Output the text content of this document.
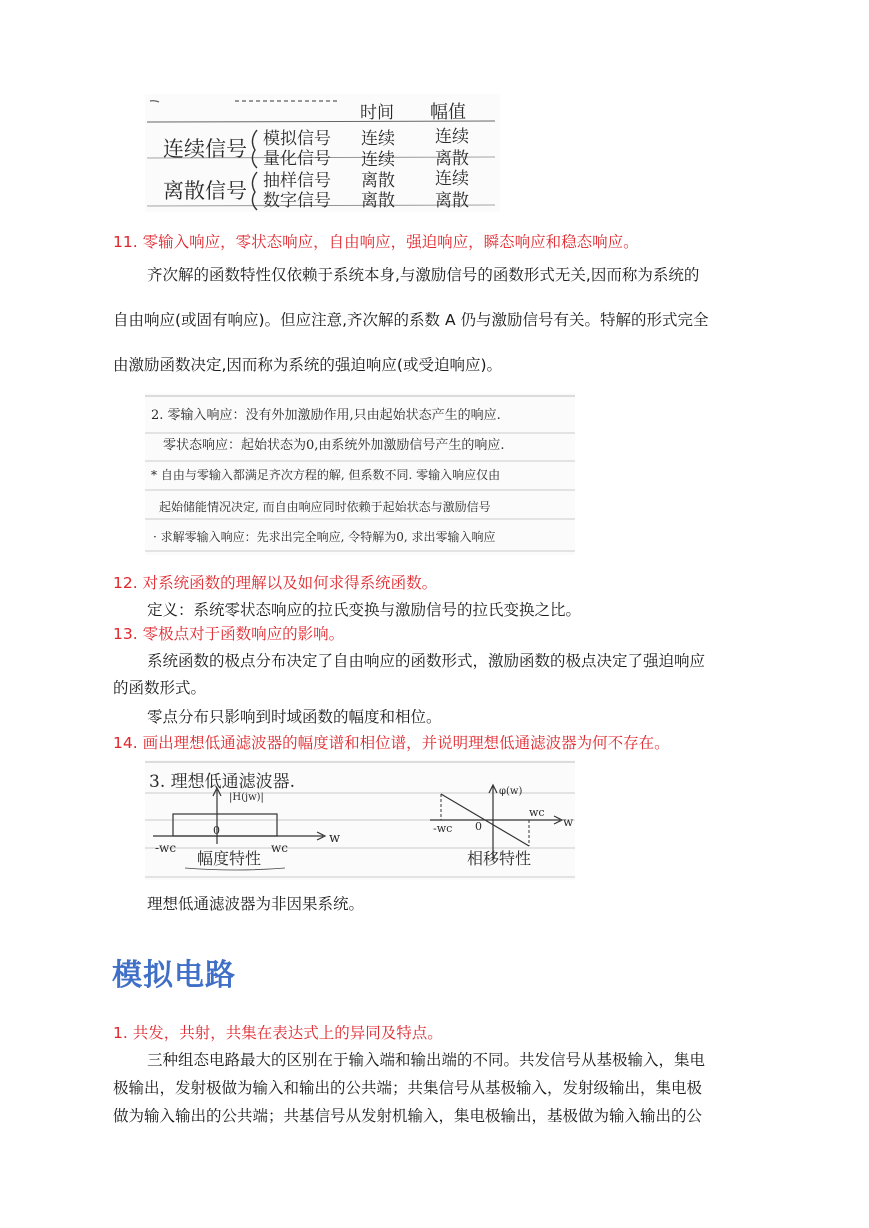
时间 幅值
连续信号 模拟信号
量化信号
连续 连续
连续 离散
离散信号 抽样信号
数字信号
离散 连续
离散 离散
11. 零输入响应，零状态响应，自由响应，强迫响应，瞬态响应和稳态响应。
齐次解的函数特性仅依赖于系统本身,与激励信号的函数形式无关,因而称为系统的
自由响应(或固有响应)。但应注意,齐次解的系数 A 仍与激励信号有关。特解的形式完全
由激励函数决定,因而称为系统的强迫响应(或受迫响应)。
2. 零输入响应：没有外加激励作用,只由起始状态产生的响应.
零状态响应：起始状态为0,由系统外加激励信号产生的响应.
* 自由与零输入都满足齐次方程的解, 但系数不同. 零输入响应仅由
起始储能情况决定, 而自由响应同时依赖于起始状态与激励信号
· 求解零输入响应：先求出完全响应, 令特解为0, 求出零输入响应
12. 对系统函数的理解以及如何求得系统函数。
定义：系统零状态响应的拉氏变换与激励信号的拉氏变换之比。
13. 零极点对于函数响应的影响。
系统函数的极点分布决定了自由响应的函数形式，激励函数的极点决定了强迫响应
的函数形式。
零点分布只影响到时域函数的幅度和相位。
14. 画出理想低通滤波器的幅度谱和相位谱，并说明理想低通滤波器为何不存在。
3. 理想低通滤波器.
|H(jw)|
-wc
0
wc
w
幅度特性
φ(w)
-wc 0
wc
w
相移特性
理想低通滤波器为非因果系统。
模拟电路
1. 共发，共射，共集在表达式上的异同及特点。
三种组态电路最大的区别在于输入端和输出端的不同。共发信号从基极输入，集电
极输出，发射极做为输入和输出的公共端；共集信号从基极输入，发射级输出，集电极
做为输入输出的公共端；共基信号从发射机输入，集电极输出，基极做为输入输出的公
